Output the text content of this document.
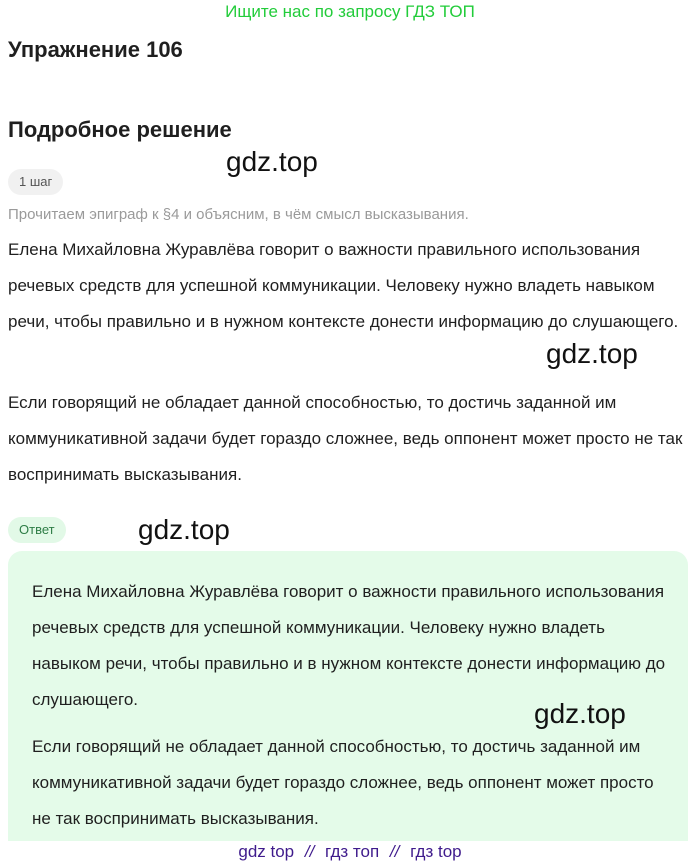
Ищите нас по запросу ГДЗ ТОП
Упражнение 106
Подробное решение
1 шаг
Прочитаем эпиграф к §4 и объясним, в чём смысл высказывания.

Елена Михайловна Журавлёва говорит о важности правильного использования речевых средств для успешной коммуникации. Человеку нужно владеть навыком речи, чтобы правильно и в нужном контексте донести информацию до слушающего.

Если говорящий не обладает данной способностью, то достичь заданной им коммуникативной задачи будет гораздо сложнее, ведь оппонент может просто не так воспринимать высказывания.

Ответ

Елена Михайловна Журавлёва говорит о важности правильного использования речевых средств для успешной коммуникации. Человеку нужно владеть навыком речи, чтобы правильно и в нужном контексте донести информацию до слушающего.

Если говорящий не обладает данной способностью, то достичь заданной им коммуникативной задачи будет гораздо сложнее, ведь оппонент может просто не так воспринимать высказывания.

gdz.top
gdz.top
gdz.top
gdz.top
gdz top // гдз топ // гдз top
